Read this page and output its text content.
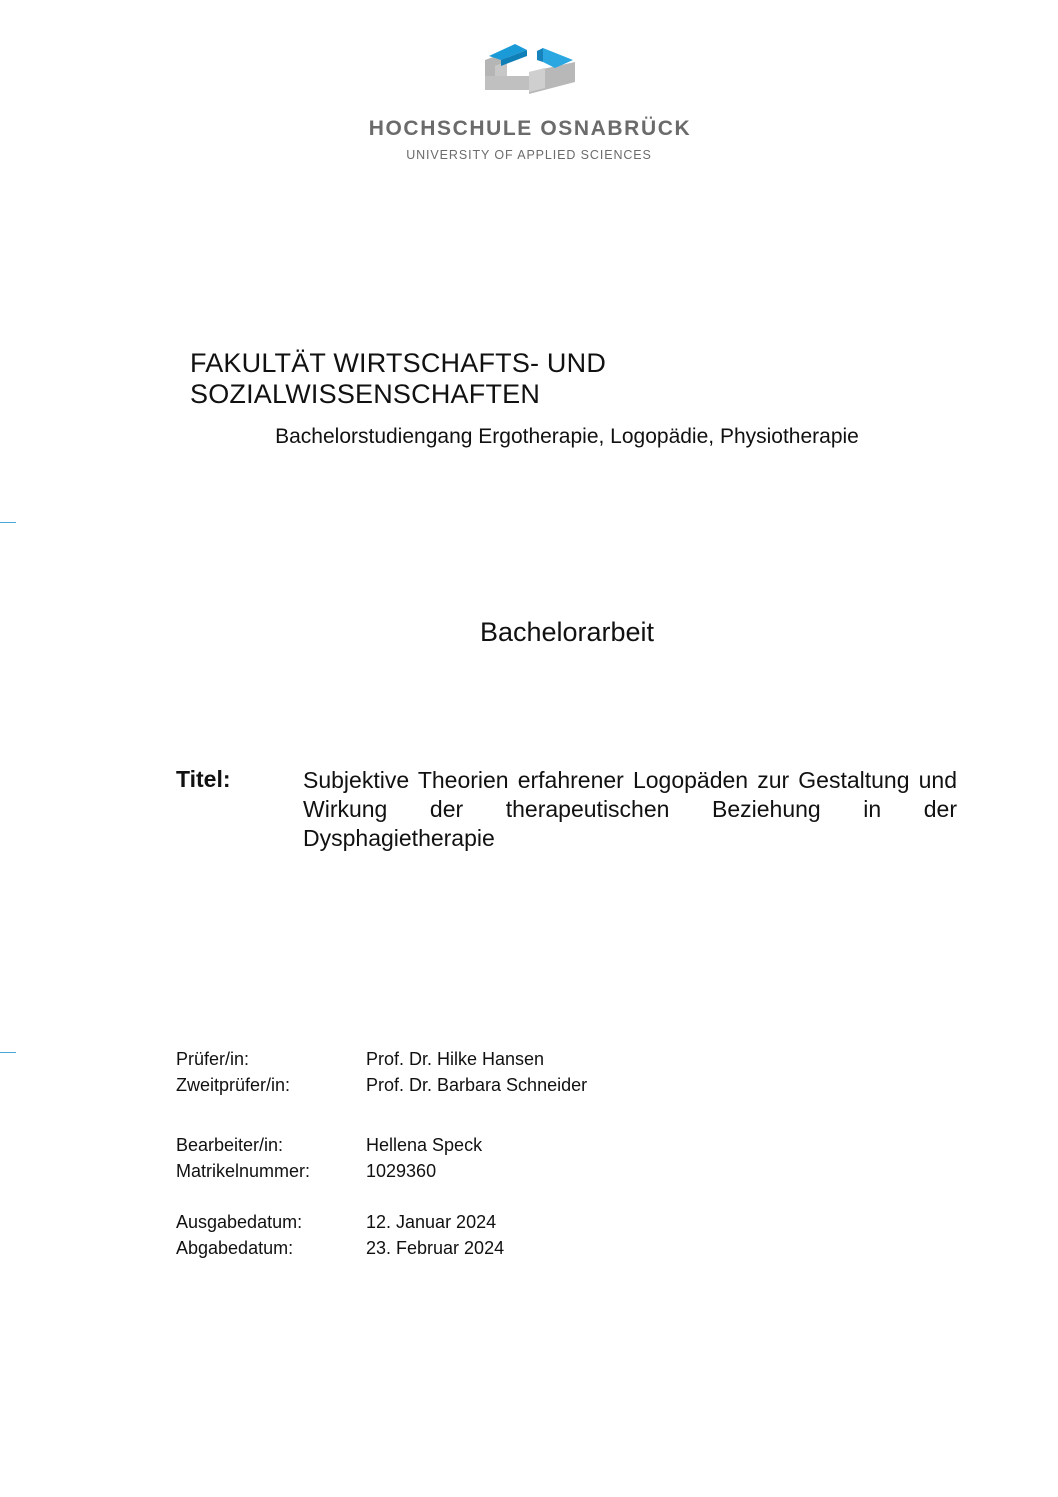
HOCHSCHULE OSNABRÜCK
UNIVERSITY OF APPLIED SCIENCES
FAKULTÄT WIRTSCHAFTS- UND SOZIALWISSENSCHAFTEN
Bachelorstudiengang Ergotherapie, Logopädie, Physiotherapie
Bachelorarbeit
Titel:	Subjektive Theorien erfahrener Logopäden zur Gestaltung und Wirkung der therapeutischen Beziehung in der Dysphagietherapie
Prüfer/in:	Prof. Dr. Hilke Hansen
Zweitprüfer/in:	Prof. Dr. Barbara Schneider
Bearbeiter/in:	Hellena Speck
Matrikelnummer:	1029360
Ausgabedatum:	12. Januar 2024
Abgabedatum:	23. Februar 2024
